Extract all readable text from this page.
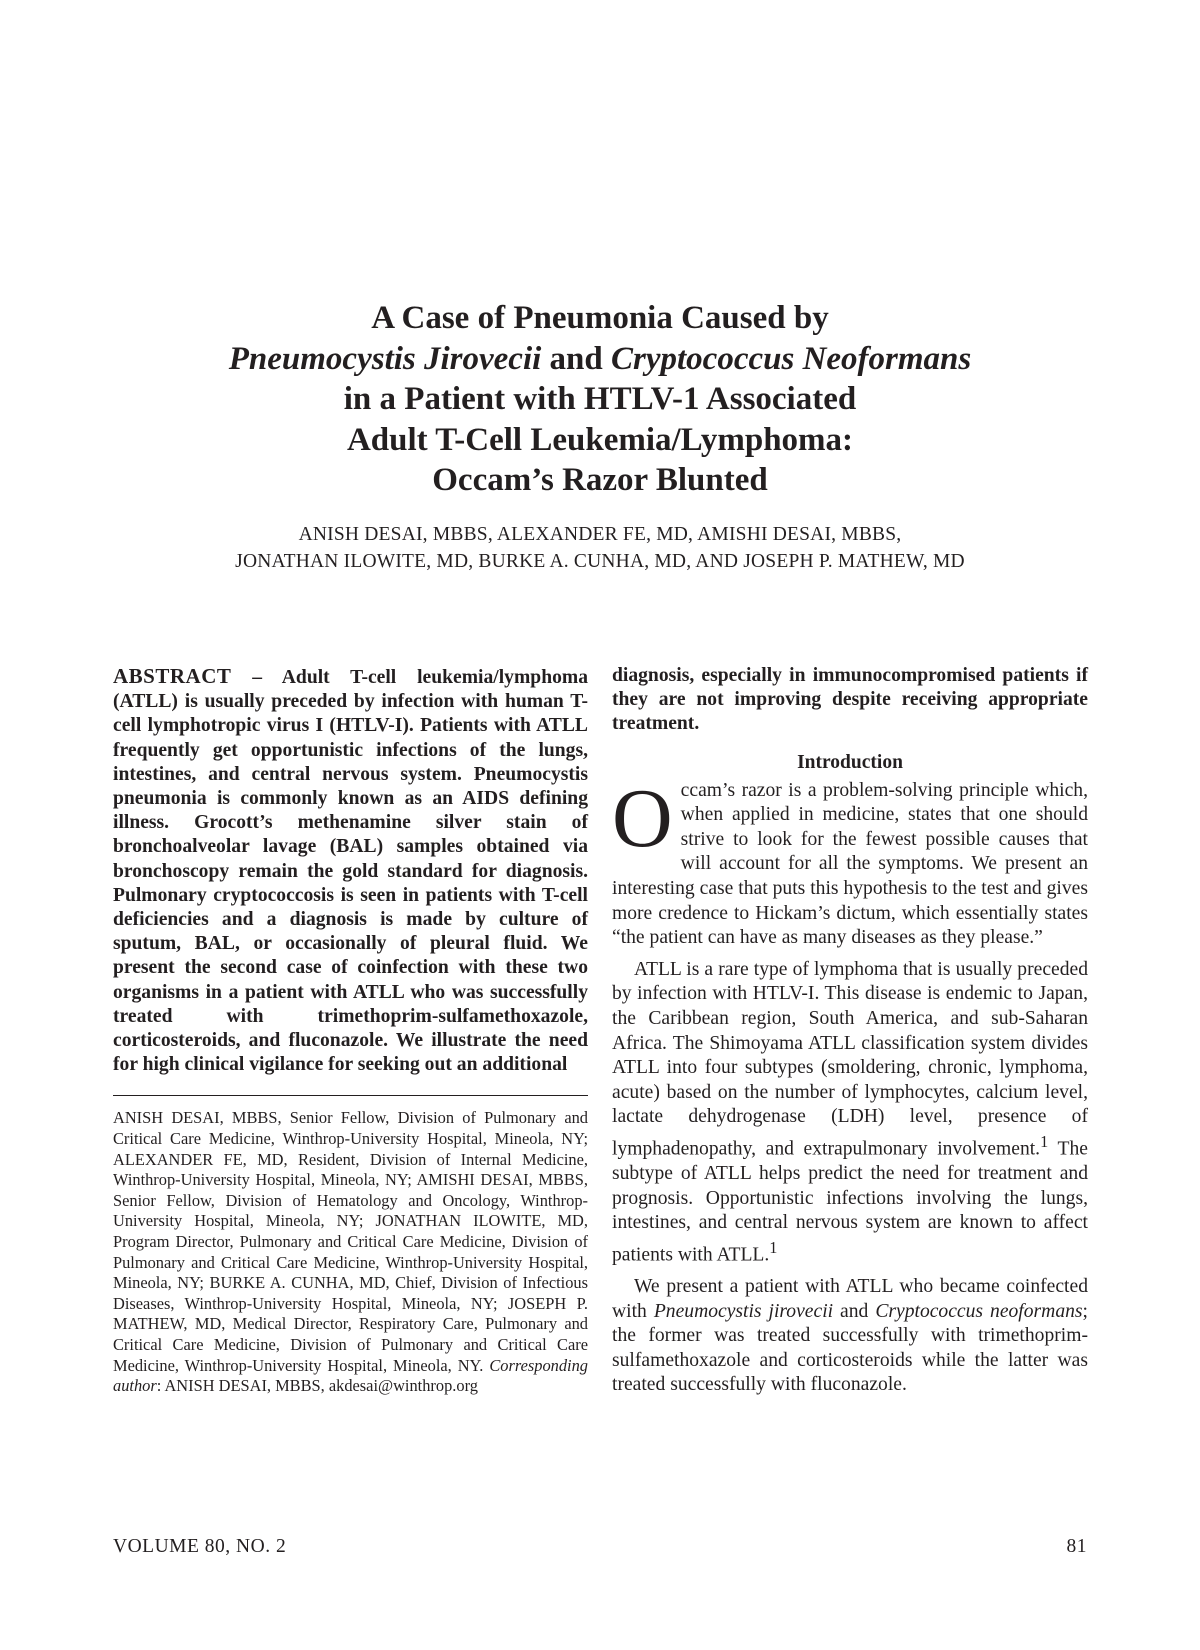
A Case of Pneumonia Caused by

Pneumocystis Jirovecii and Cryptococcus Neoformans

in a Patient with HTLV-1 Associated

Adult T-Cell Leukemia/Lymphoma:

Occam’s Razor Blunted

ANISH DESAI, MBBS, ALEXANDER FE, MD, AMISHI DESAI, MBBS,
JONATHAN ILOWITE, MD, BURKE A. CUNHA, MD, AND JOSEPH P. MATHEW, MD

ABSTRACT – Adult T-cell leukemia/lymphoma (ATLL) is usually preceded by infection with human T-cell lymphotropic virus I (HTLV-I). Patients with ATLL frequently get opportunistic infections of the lungs, intestines, and central nervous system. Pneumocystis pneumonia is commonly known as an AIDS defining illness. Grocott’s methenamine silver stain of bronchoalveolar lavage (BAL) samples obtained via bronchoscopy remain the gold standard for diagnosis. Pulmonary cryptococcosis is seen in patients with T-cell deficiencies and a diagnosis is made by culture of sputum, BAL, or occasionally of pleural fluid. We present the second case of coinfection with these two organisms in a patient with ATLL who was successfully treated with trimethoprim-sulfamethoxazole, corticosteroids, and fluconazole. We illustrate the need for high clinical vigilance for seeking out an additional

ANISH DESAI, MBBS, Senior Fellow, Division of Pulmonary and Critical Care Medicine, Winthrop-University Hospital, Mineola, NY; ALEXANDER FE, MD, Resident, Division of Internal Medicine, Winthrop-University Hospital, Mineola, NY; AMISHI DESAI, MBBS, Senior Fellow, Division of Hematology and Oncology, Winthrop-University Hospital, Mineola, NY; JONATHAN ILOWITE, MD, Program Director, Pulmonary and Critical Care Medicine, Division of Pulmonary and Critical Care Medicine, Winthrop-University Hospital, Mineola, NY; BURKE A. CUNHA, MD, Chief, Division of Infectious Diseases, Winthrop-University Hospital, Mineola, NY; JOSEPH P. MATHEW, MD, Medical Director, Respiratory Care, Pulmonary and Critical Care Medicine, Division of Pulmonary and Critical Care Medicine, Winthrop-University Hospital, Mineola, NY. Corresponding author: ANISH DESAI, MBBS, akdesai@winthrop.org

diagnosis, especially in immunocompromised patients if they are not improving despite receiving appropriate treatment.

Introduction

Occam’s razor is a problem-solving principle which, when applied in medicine, states that one should strive to look for the fewest possible causes that will account for all the symptoms. We present an interesting case that puts this hypothesis to the test and gives more credence to Hickam’s dictum, which essentially states “the patient can have as many diseases as they please.”

ATLL is a rare type of lymphoma that is usually preceded by infection with HTLV-I. This disease is endemic to Japan, the Caribbean region, South America, and sub-Saharan Africa. The Shimoyama ATLL classification system divides ATLL into four subtypes (smoldering, chronic, lymphoma, acute) based on the number of lymphocytes, calcium level, lactate dehydrogenase (LDH) level, presence of lymphadenopathy, and extrapulmonary involvement.$^1$ The subtype of ATLL helps predict the need for treatment and prognosis. Opportunistic infections involving the lungs, intestines, and central nervous system are known to affect patients with ATLL.$^1$

We present a patient with ATLL who became coinfected with Pneumocystis jirovecii and Cryptococcus neoformans; the former was treated successfully with trimethoprim-sulfamethoxazole and corticosteroids while the latter was treated successfully with fluconazole.

VOLUME 80, NO. 2	81
